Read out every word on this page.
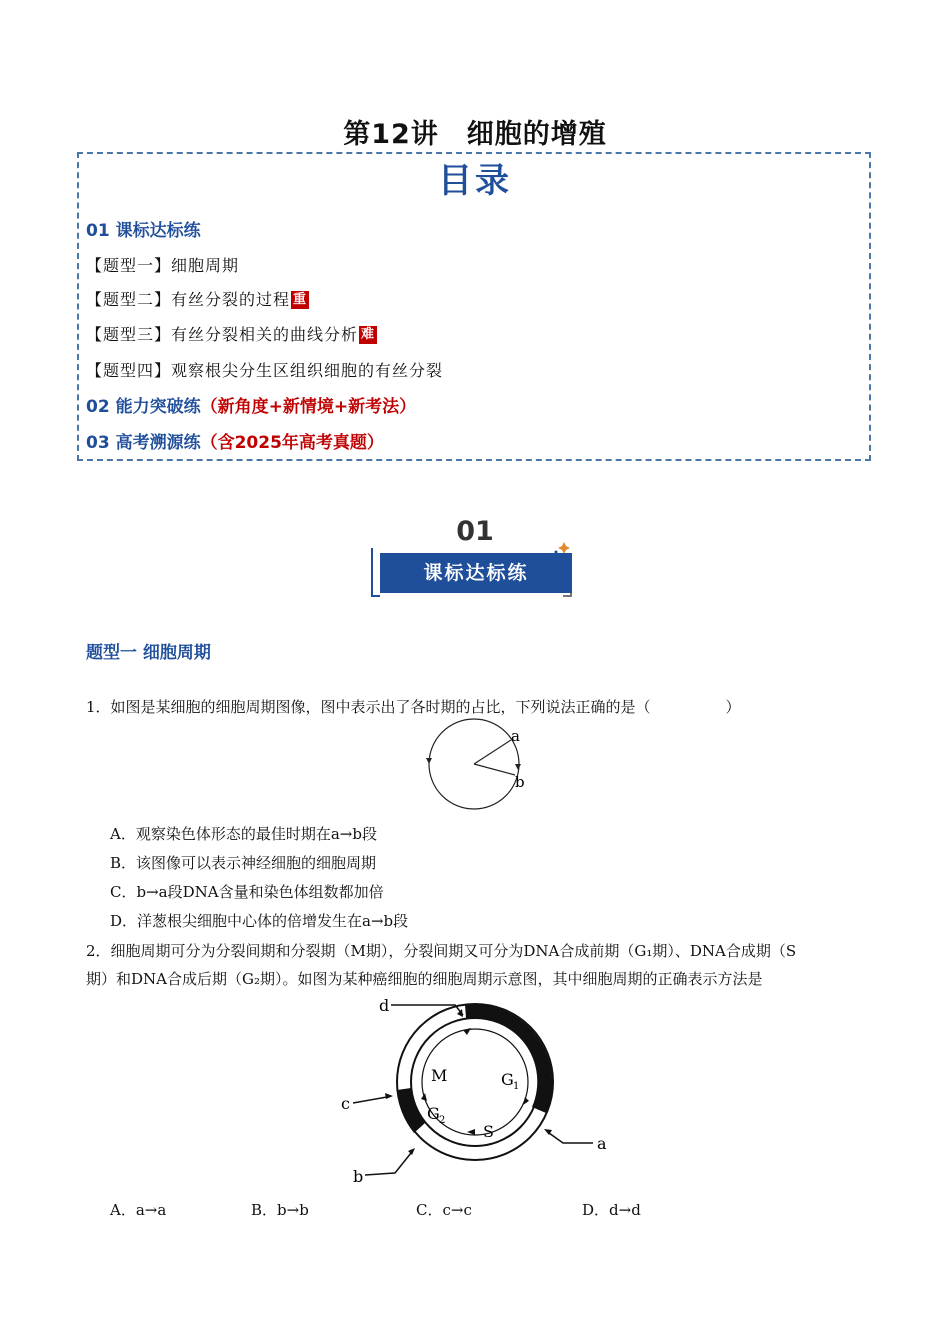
第12讲　细胞的增殖
目录
01 课标达标练
【题型一】细胞周期
【题型二】有丝分裂的过程 重
【题型三】有丝分裂相关的曲线分析 难
【题型四】观察根尖分生区组织细胞的有丝分裂
02 能力突破练（新角度+新情境+新考法）
03 高考溯源练（含2025年高考真题）
01
课标达标练
题型一 细胞周期
1．如图是某细胞的细胞周期图像，图中表示出了各时期的占比，下列说法正确的是（　　　　　）
a
b
A．观察染色体形态的最佳时期在a→b段
B．该图像可以表示神经细胞的细胞周期
C．b→a段DNA含量和染色体组数都加倍
D．洋葱根尖细胞中心体的倍增发生在a→b段
2．细胞周期可分为分裂间期和分裂期（M期），分裂间期又可分为DNA合成前期（G₁期）、DNA合成期（S
期）和DNA合成后期（G₂期）。如图为某种癌细胞的细胞周期示意图，其中细胞周期的正确表示方法是
M	G 1
G 2
S
d
c
b
a
A．a→a	B．b→b	C．c→c	D．d→d
